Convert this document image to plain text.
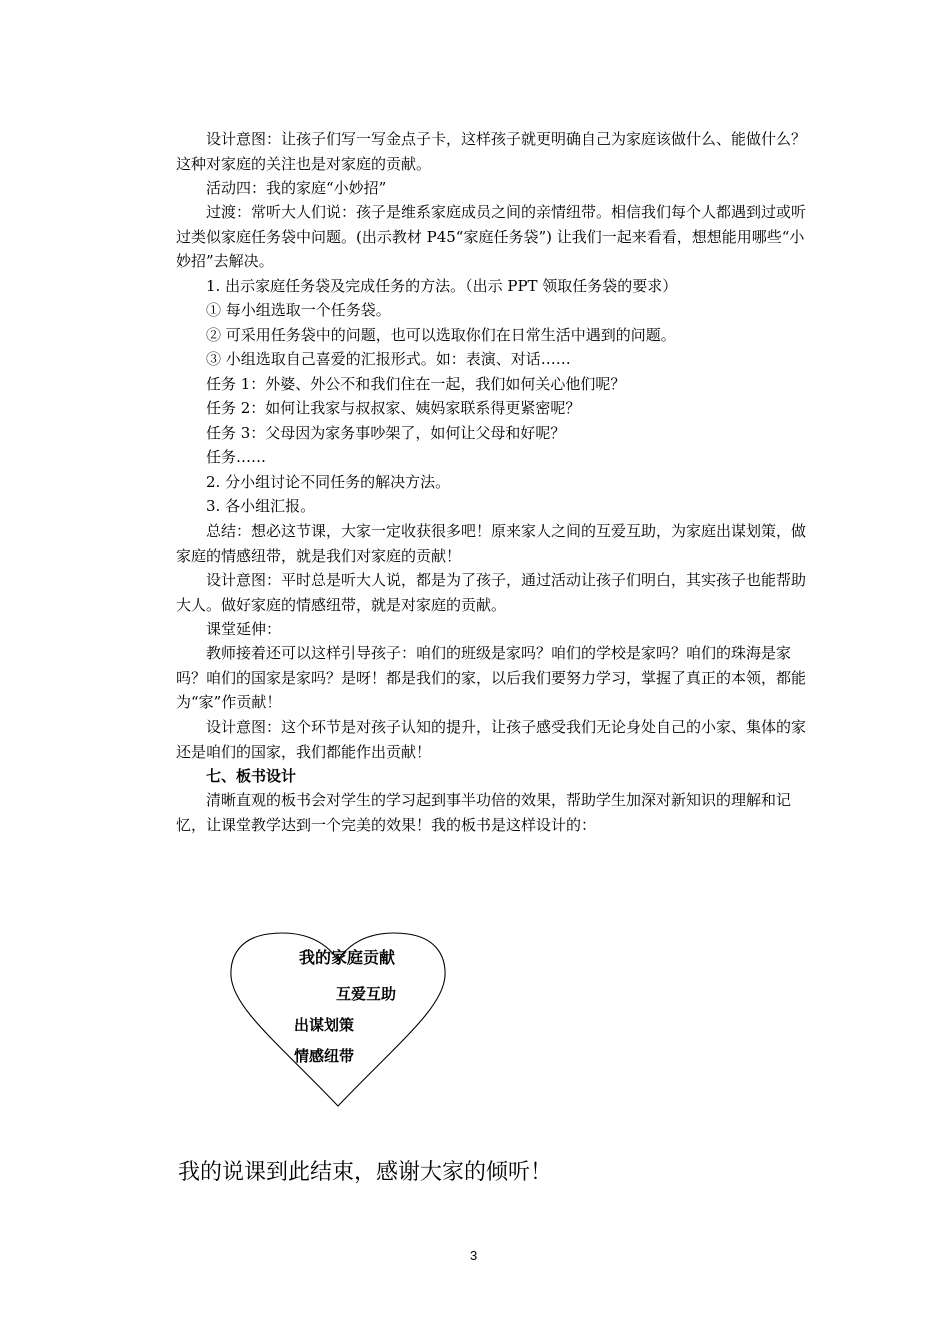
设计意图：让孩子们写一写金点子卡，这样孩子就更明确自己为家庭该做什么、能做什么？这种对家庭的关注也是对家庭的贡献。

活动四：我的家庭“小妙招”

过渡：常听大人们说：孩子是维系家庭成员之间的亲情纽带。相信我们每个人都遇到过或听过类似家庭任务袋中问题。(出示教材 P45“家庭任务袋”) 让我们一起来看看，想想能用哪些“小妙招”去解决。

1. 出示家庭任务袋及完成任务的方法。（出示 PPT 领取任务袋的要求）
① 每小组选取一个任务袋。
② 可采用任务袋中的问题，也可以选取你们在日常生活中遇到的问题。
③ 小组选取自己喜爱的汇报形式。如：表演、对话……
任务 1：外婆、外公不和我们住在一起，我们如何关心他们呢？
任务 2：如何让我家与叔叔家、姨妈家联系得更紧密呢？
任务 3：父母因为家务事吵架了，如何让父母和好呢？
任务……
2. 分小组讨论不同任务的解决方法。
3. 各小组汇报。

总结：想必这节课，大家一定收获很多吧！原来家人之间的互爱互助，为家庭出谋划策，做家庭的情感纽带，就是我们对家庭的贡献！

设计意图：平时总是听大人说，都是为了孩子，通过活动让孩子们明白，其实孩子也能帮助大人。做好家庭的情感纽带，就是对家庭的贡献。

课堂延伸：

教师接着还可以这样引导孩子：咱们的班级是家吗？咱们的学校是家吗？咱们的珠海是家吗？咱们的国家是家吗？是呀！都是我们的家，以后我们要努力学习，掌握了真正的本领，都能为“家”作贡献！

设计意图：这个环节是对孩子认知的提升，让孩子感受我们无论身处自己的小家、集体的家还是咱们的国家，我们都能作出贡献！

七、板书设计

清晰直观的板书会对学生的学习起到事半功倍的效果，帮助学生加深对新知识的理解和记忆，让课堂教学达到一个完美的效果！我的板书是这样设计的：

我的家庭贡献
互爱互助
出谋划策
情感纽带
我的说课到此结束，感谢大家的倾听！
3
